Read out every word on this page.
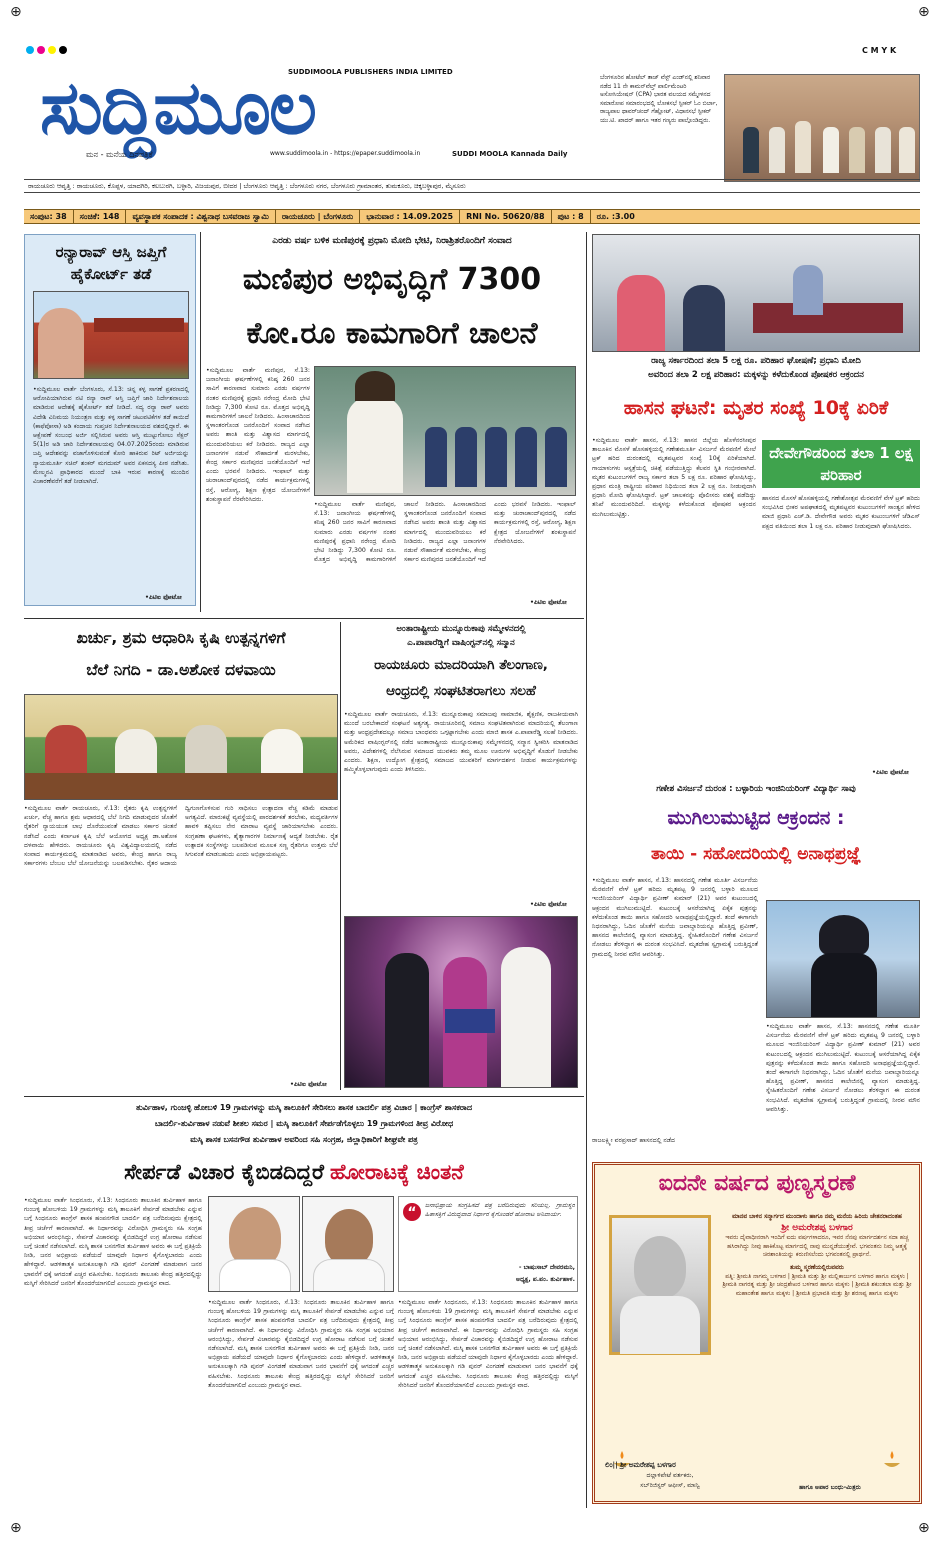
⊕	⊕
⊕	⊕
C M Y K
ಸುದ್ದಿಮೂಲ
SUDDIMOOLA PUBLISHERS INDIA LIMITED
ಮನ - ಮನೆಯ ದಿನಪತ್ರಿಕೆ	www.suddimoola.in - https://epaper.suddimoola.in	SUDDI MOOLA Kannada Daily
ಬೆಂಗಳೂರಿನ ಹೋಟೆಲ್ ತಾಜ್ ವೆಸ್ಟ್ ಎಂಡ್‌ನಲ್ಲಿ ಶನಿವಾರ ನಡೆದ 11 ನೇ ಕಾಮನ್‌ವೆಲ್ತ್ ಪಾರ್ಲಿಮೆಂಟರಿ ಅಸೋಸಿಯೇಷನ್ (CPA) ಭಾರತ ವಲಯದ ಸಮ್ಮೇಳನದ ಸಮಾರೋಪ ಸಮಾರಂಭದಲ್ಲಿ ಲೋಕಸಭೆ ಸ್ಪೀಕರ್ ಓಂ ಬಿರ್ಲಾ, ರಾಜ್ಯಪಾಲ ಥಾವರ್‌ಚಂದ್ ಗೆಹ್ಲೋಟ್, ವಿಧಾನಸಭೆ ಸ್ಪೀಕರ್ ಯು.ಟಿ. ಖಾದರ್ ಹಾಗೂ ಇತರ ಗಣ್ಯರು ಪಾಲ್ಗೊಂಡಿದ್ದರು.
ರಾಯಚೂರು ಆವೃತ್ತಿ : ರಾಯಚೂರು, ಕೊಪ್ಪಳ, ಯಾದಗಿರಿ, ಕಲಬುರಗಿ, ಬಳ್ಳಾರಿ, ವಿಜಯಪುರ, ಬೀದರ | ಬೆಂಗಳೂರು ಆವೃತ್ತಿ : ಬೆಂಗಳೂರು ನಗರ, ಬೆಂಗಳೂರು ಗ್ರಾಮಾಂತರ, ತುಮಕೂರು, ಚಿಕ್ಕಬಳ್ಳಾಪುರ, ಮೈಸೂರು
ಸಂಪುಟ: 38	ಸಂಚಿಕೆ: 148	ವ್ಯವಸ್ಥಾಪಕ ಸಂಪಾದಕ : ವಿಶ್ವನಾಥ ಬಸವರಾಜ ಸ್ವಾಮಿ	ರಾಯಚೂರು | ಬೆಂಗಳೂರು	ಭಾನುವಾರ : 14.09.2025	RNI No. 50620/88	ಪುಟ : 8	ರೂ. :3.00
ರನ್ಯಾರಾವ್ ಆಸ್ತಿ ಜಪ್ತಿಗೆ ಹೈಕೋರ್ಟ್ ತಡೆ
•ಸುದ್ದಿಮೂಲ ವಾರ್ತೆ ಬೆಂಗಳೂರು, ಸೆ.13: ಚಿನ್ನ ಕಳ್ಳ ಸಾಗಣೆ ಪ್ರಕರಣದಲ್ಲಿ ಆರೋಪಿಯಾಗಿರುವ ನಟಿ ರನ್ಯಾ ರಾವ್ ಆಸ್ತಿ ಜಪ್ತಿಗೆ ಜಾರಿ ನಿರ್ದೇಶನಾಲಯ ಮಾಡಿರುವ ಆದೇಶಕ್ಕೆ ಹೈಕೋರ್ಟ್ ತಡೆ ನೀಡಿದೆ. ಸದ್ಯ ರನ್ಯಾ ರಾವ್ ಅವರು ವಿದೇಶಿ ವಿನಿಮಯ ನಿಯಂತ್ರಣ ಮತ್ತು ಕಳ್ಳ ಸಾಗಣೆ ಚಟುವಟಿಕೆಗಳ ತಡೆ ಕಾಯಿದೆ (ಕಾಫೆಪೋಸಾ) ಅಡಿ ಕಂದಾಯ ಗುಪ್ತಚರ ನಿರ್ದೇಶನಾಲಯದ ವಶದಲ್ಲಿದ್ದಾರೆ. ಈ ಆಕ್ಷೇಪಣೆ ಸಂಬಂಧ ಅರ್ಜಿ ಸಲ್ಲಿಸಿರುವ ಅವರು ಆಸ್ತಿ ಮುಟ್ಟುಗೋಲು ಸೆಕ್ಷನ್ 5(1)ರ ಅಡಿ ಜಾರಿ ನಿರ್ದೇಶನಾಲಯವು 04.07.2025ರಂದು ಮಾಡಿರುವ ಜಪ್ತಿ ಆದೇಶವನ್ನು ವಜಾಗೊಳಿಸುವಂತೆ ಕೋರಿ ಹಾಕಿರುವ ರಿಟ್ ಅರ್ಜಿಯನ್ನು ನ್ಯಾಯಮೂರ್ತಿ ಸಚಿನ್ ಶಂಕರ್ ಮಗದುಮ್ ಅವರ ಏಕಸದಸ್ಯ ಪೀಠ ನಡೆಸಿತು. ಮೇಲ್ಮನವಿ ಪ್ರಾಧಿಕಾರದ ಮುಂದೆ ಬಾಕಿ ಇರುವ ಕಾರಣಕ್ಕೆ ಮುಂದಿನ ವಿಚಾರಣೆವರೆಗೆ ತಡೆ ನೀಡಲಾಗಿದೆ.
•ಪಿಟಿಐ ಫೋಟೋ
ಎರಡು ವರ್ಷ ಬಳಿಕ ಮಣಿಪುರಕ್ಕೆ ಪ್ರಧಾನಿ ಮೋದಿ ಭೇಟಿ, ನಿರಾಶ್ರಿತರೊಂದಿಗೆ ಸಂವಾದ
ಮಣಿಪುರ ಅಭಿವೃದ್ಧಿಗೆ 7300
ಕೋ.ರೂ ಕಾಮಗಾರಿಗೆ ಚಾಲನೆ
•ಸುದ್ದಿಮೂಲ ವಾರ್ತೆ ಮಣಿಪುರ, ಸೆ.13: ಜನಾಂಗೀಯ ಘರ್ಷಣೆಗಳಲ್ಲಿ ಕನಿಷ್ಠ 260 ಜನರ ಸಾವಿಗೆ ಕಾರಣವಾದ ಸುಮಾರು ಎರಡು ವರ್ಷಗಳ ನಂತರ ಮಣಿಪುರಕ್ಕೆ ಪ್ರಧಾನಿ ನರೇಂದ್ರ ಮೋದಿ ಭೇಟಿ ನೀಡಿದ್ದು 7,300 ಕೋಟಿ ರೂ. ಮೊತ್ತದ ಅಭಿವೃದ್ಧಿ ಕಾಮಗಾರಿಗಳಿಗೆ ಚಾಲನೆ ನೀಡಿದರು. ಹಿಂಸಾಚಾರದಿಂದ ಸ್ಥಳಾಂತರಗೊಂಡ ಜನರೊಂದಿಗೆ ಸಂವಾದ ನಡೆಸಿದ ಅವರು ಶಾಂತಿ ಮತ್ತು ವಿಶ್ವಾಸದ ಮಾರ್ಗದಲ್ಲಿ ಮುಂದುವರಿಯಲು ಕರೆ ನೀಡಿದರು. ರಾಜ್ಯದ ಎಲ್ಲಾ ಜನಾಂಗಗಳ ನಡುವೆ ಸೌಹಾರ್ದತೆ ಮರಳಬೇಕು, ಕೇಂದ್ರ ಸರ್ಕಾರ ಮಣಿಪುರದ ಜನತೆಯೊಂದಿಗೆ ಇದೆ ಎಂದು ಭರವಸೆ ನೀಡಿದರು. ಇಂಫಾಲ್ ಮತ್ತು ಚುರಾಚಾಂದ್‌ಪುರದಲ್ಲಿ ನಡೆದ ಕಾರ್ಯಕ್ರಮಗಳಲ್ಲಿ ರಸ್ತೆ, ಆರೋಗ್ಯ, ಶಿಕ್ಷಣ ಕ್ಷೇತ್ರದ ಯೋಜನೆಗಳಿಗೆ ಶಂಕುಸ್ಥಾಪನೆ ನೆರವೇರಿಸಿದರು.
•ಸುದ್ದಿಮೂಲ ವಾರ್ತೆ ಮಣಿಪುರ, ಸೆ.13: ಜನಾಂಗೀಯ ಘರ್ಷಣೆಗಳಲ್ಲಿ ಕನಿಷ್ಠ 260 ಜನರ ಸಾವಿಗೆ ಕಾರಣವಾದ ಸುಮಾರು ಎರಡು ವರ್ಷಗಳ ನಂತರ ಮಣಿಪುರಕ್ಕೆ ಪ್ರಧಾನಿ ನರೇಂದ್ರ ಮೋದಿ ಭೇಟಿ ನೀಡಿದ್ದು 7,300 ಕೋಟಿ ರೂ. ಮೊತ್ತದ ಅಭಿವೃದ್ಧಿ ಕಾಮಗಾರಿಗಳಿಗೆ ಚಾಲನೆ ನೀಡಿದರು. ಹಿಂಸಾಚಾರದಿಂದ ಸ್ಥಳಾಂತರಗೊಂಡ ಜನರೊಂದಿಗೆ ಸಂವಾದ ನಡೆಸಿದ ಅವರು ಶಾಂತಿ ಮತ್ತು ವಿಶ್ವಾಸದ ಮಾರ್ಗದಲ್ಲಿ ಮುಂದುವರಿಯಲು ಕರೆ ನೀಡಿದರು. ರಾಜ್ಯದ ಎಲ್ಲಾ ಜನಾಂಗಗಳ ನಡುವೆ ಸೌಹಾರ್ದತೆ ಮರಳಬೇಕು, ಕೇಂದ್ರ ಸರ್ಕಾರ ಮಣಿಪುರದ ಜನತೆಯೊಂದಿಗೆ ಇದೆ ಎಂದು ಭರವಸೆ ನೀಡಿದರು. ಇಂಫಾಲ್ ಮತ್ತು ಚುರಾಚಾಂದ್‌ಪುರದಲ್ಲಿ ನಡೆದ ಕಾರ್ಯಕ್ರಮಗಳಲ್ಲಿ ರಸ್ತೆ, ಆರೋಗ್ಯ, ಶಿಕ್ಷಣ ಕ್ಷೇತ್ರದ ಯೋಜನೆಗಳಿಗೆ ಶಂಕುಸ್ಥಾಪನೆ ನೆರವೇರಿಸಿದರು.
•ಪಿಟಿಐ ಫೋಟೋ
ರಾಜ್ಯ ಸರ್ಕಾರದಿಂದ ತಲಾ 5 ಲಕ್ಷ ರೂ. ಪರಿಹಾರ ಘೋಷಣೆ; ಪ್ರಧಾನಿ ಮೋದಿ
ಅವರಿಂದ ತಲಾ 2 ಲಕ್ಷ ಪರಿಹಾರ: ಮಕ್ಕಳನ್ನು ಕಳೆದುಕೊಂಡ ಪೋಷಕರ ಆಕ್ರಂದನ
ಹಾಸನ ಘಟನೆ: ಮೃತರ ಸಂಖ್ಯೆ 10ಕ್ಕೆ ಏರಿಕೆ
•ಸುದ್ದಿಮೂಲ ವಾರ್ತೆ ಹಾಸನ, ಸೆ.13: ಹಾಸನ ಜಿಲ್ಲೆಯ ಹೊಳೆನರಸೀಪುರ ತಾಲೂಕಿನ ಮೊಸಳೆ ಹೊಸಹಳ್ಳಿಯಲ್ಲಿ ಗಣೇಶಮೂರ್ತಿ ವಿಸರ್ಜನೆ ಮೆರವಣಿಗೆ ಮೇಲೆ ಟ್ರಕ್ ಹರಿದ ದುರಂತದಲ್ಲಿ ಮೃತಪಟ್ಟವರ ಸಂಖ್ಯೆ 10ಕ್ಕೆ ಏರಿಕೆಯಾಗಿದೆ. ಗಾಯಾಳುಗಳು ಆಸ್ಪತ್ರೆಯಲ್ಲಿ ಚಿಕಿತ್ಸೆ ಪಡೆಯುತ್ತಿದ್ದು ಕೆಲವರ ಸ್ಥಿತಿ ಗಂಭೀರವಾಗಿದೆ. ಮೃತರ ಕುಟುಂಬಗಳಿಗೆ ರಾಜ್ಯ ಸರ್ಕಾರ ತಲಾ 5 ಲಕ್ಷ ರೂ. ಪರಿಹಾರ ಘೋಷಿಸಿದ್ದು, ಪ್ರಧಾನ ಮಂತ್ರಿ ರಾಷ್ಟ್ರೀಯ ಪರಿಹಾರ ನಿಧಿಯಿಂದ ತಲಾ 2 ಲಕ್ಷ ರೂ. ನೀಡುವುದಾಗಿ ಪ್ರಧಾನಿ ಮೋದಿ ಘೋಷಿಸಿದ್ದಾರೆ. ಟ್ರಕ್ ಚಾಲಕನನ್ನು ಪೊಲೀಸರು ವಶಕ್ಕೆ ಪಡೆದಿದ್ದು ತನಿಖೆ ಮುಂದುವರಿದಿದೆ. ಮಕ್ಕಳನ್ನು ಕಳೆದುಕೊಂಡ ಪೋಷಕರ ಆಕ್ರಂದನ ಮುಗಿಲುಮುಟ್ಟಿತ್ತು.
ದೇವೇಗೌಡರಿಂದ ತಲಾ 1 ಲಕ್ಷ ಪರಿಹಾರ
ಹಾಸನದ ಮೊಸಳೆ ಹೊಸಹಳ್ಳಿಯಲ್ಲಿ ಗಣೇಶೋತ್ಸವ ಮೆರವಣಿಗೆ ವೇಳೆ ಟ್ರಕ್ ಹರಿದು ಸಂಭವಿಸಿದ ಭೀಕರ ಅಪಘಾತದಲ್ಲಿ ಮೃತಪಟ್ಟವರ ಕುಟುಂಬಗಳಿಗೆ ಸಾಂತ್ವನ ಹೇಳಿದ ಮಾಜಿ ಪ್ರಧಾನಿ ಎಚ್.ಡಿ. ದೇವೇಗೌಡ ಅವರು ಮೃತರ ಕುಟುಂಬಗಳಿಗೆ ಜೆಡಿಎಸ್ ಪಕ್ಷದ ವತಿಯಿಂದ ತಲಾ 1 ಲಕ್ಷ ರೂ. ಪರಿಹಾರ ನೀಡುವುದಾಗಿ ಘೋಷಿಸಿದರು.
•ಪಿಟಿಐ ಫೋಟೋ
ಖರ್ಚು, ಶ್ರಮ ಆಧಾರಿಸಿ ಕೃಷಿ ಉತ್ಪನ್ನಗಳಿಗೆ
ಬೆಲೆ ನಿಗದಿ - ಡಾ.ಅಶೋಕ ದಳವಾಯಿ
•ಸುದ್ದಿಮೂಲ ವಾರ್ತೆ ರಾಯಚೂರು, ಸೆ.13: ರೈತರು ಕೃಷಿ ಉತ್ಪನ್ನಗಳಿಗೆ ಖರ್ಚು, ವೆಚ್ಚ ಹಾಗೂ ಶ್ರಮ ಆಧಾರದಲ್ಲಿ ಬೆಲೆ ನಿಗದಿ ಮಾಡುವುದರ ಜೊತೆಗೆ ರೈತರಿಗೆ ನ್ಯಾಯಯುತ ಲಾಭ ದೊರೆಯುವಂತೆ ಮಾಡಲು ಸರ್ಕಾರ ಚಿಂತನೆ ನಡೆಸಿದೆ ಎಂದು ಕರ್ನಾಟಕ ಕೃಷಿ ಬೆಲೆ ಆಯೋಗದ ಅಧ್ಯಕ್ಷ ಡಾ.ಅಶೋಕ ದಳವಾಯಿ ಹೇಳಿದರು. ರಾಯಚೂರು ಕೃಷಿ ವಿಶ್ವವಿದ್ಯಾಲಯದಲ್ಲಿ ನಡೆದ ಸಂವಾದ ಕಾರ್ಯಕ್ರಮದಲ್ಲಿ ಮಾತನಾಡಿದ ಅವರು, ಕೇಂದ್ರ ಹಾಗೂ ರಾಜ್ಯ ಸರ್ಕಾರಗಳು ಬೆಂಬಲ ಬೆಲೆ ಯೋಜನೆಯನ್ನು ಬಲಪಡಿಸಬೇಕು. ರೈತರ ಆದಾಯ ದ್ವಿಗುಣಗೊಳಿಸುವ ಗುರಿ ಸಾಧಿಸಲು ಉತ್ಪಾದನಾ ವೆಚ್ಚ ಕಡಿಮೆ ಮಾಡುವ ಅಗತ್ಯವಿದೆ. ಮಾರುಕಟ್ಟೆ ವ್ಯವಸ್ಥೆಯಲ್ಲಿ ಪಾರದರ್ಶಕತೆ ತರಬೇಕು, ಮಧ್ಯವರ್ತಿಗಳ ಹಾವಳಿ ತಪ್ಪಿಸಲು ನೇರ ಮಾರಾಟ ವ್ಯವಸ್ಥೆ ಜಾರಿಯಾಗಬೇಕು ಎಂದರು. ಸಂಗ್ರಹಣಾ ಘಟಕಗಳು, ಶೈತ್ಯಾಗಾರಗಳ ನಿರ್ಮಾಣಕ್ಕೆ ಆದ್ಯತೆ ನೀಡಬೇಕು. ರೈತ ಉತ್ಪಾದಕ ಸಂಸ್ಥೆಗಳನ್ನು ಬಲಪಡಿಸುವ ಮೂಲಕ ಸಣ್ಣ ರೈತರಿಗೂ ಉತ್ತಮ ಬೆಲೆ ಸಿಗುವಂತೆ ಮಾಡಬಹುದು ಎಂದು ಅಭಿಪ್ರಾಯಪಟ್ಟರು.
•ಪಿಟಿಐ ಫೋಟೋ
ಅಂತಾರಾಷ್ಟ್ರೀಯ ಮುನ್ನೂರುಕಾಪು ಸಮ್ಮೇಳನದಲ್ಲಿ
ಎ.ಪಾಪಾರೆಡ್ಡಿಗೆ ವಾಷಿಂಗ್ಟನ್‌ನಲ್ಲಿ ಸನ್ಮಾನ
ರಾಯಚೂರು ಮಾದರಿಯಾಗಿ ತೆಲಂಗಾಣ,
ಆಂಧ್ರದಲ್ಲಿ ಸಂಘಟಿತರಾಗಲು ಸಲಹೆ
•ಸುದ್ದಿಮೂಲ ವಾರ್ತೆ ರಾಯಚೂರು, ಸೆ.13: ಮುನ್ನೂರುಕಾಪು ಸಮಾಜವು ಸಾಮಾಜಿಕ, ಶೈಕ್ಷಣಿಕ, ರಾಜಕೀಯವಾಗಿ ಮುಂದೆ ಬರಬೇಕಾದರೆ ಸಂಘಟನೆ ಅತ್ಯಗತ್ಯ. ರಾಯಚೂರಿನಲ್ಲಿ ಸಮಾಜ ಸಂಘಟಿತವಾಗಿರುವ ಮಾದರಿಯಲ್ಲಿ ತೆಲಂಗಾಣ ಮತ್ತು ಆಂಧ್ರಪ್ರದೇಶದಲ್ಲೂ ಸಮಾಜ ಬಾಂಧವರು ಒಗ್ಗಟ್ಟಾಗಬೇಕು ಎಂದು ಮಾಜಿ ಶಾಸಕ ಎ.ಪಾಪಾರೆಡ್ಡಿ ಸಲಹೆ ನೀಡಿದರು. ಅಮೆರಿಕದ ವಾಷಿಂಗ್ಟನ್‌ನಲ್ಲಿ ನಡೆದ ಅಂತಾರಾಷ್ಟ್ರೀಯ ಮುನ್ನೂರುಕಾಪು ಸಮ್ಮೇಳನದಲ್ಲಿ ಸನ್ಮಾನ ಸ್ವೀಕರಿಸಿ ಮಾತನಾಡಿದ ಅವರು, ವಿದೇಶಗಳಲ್ಲಿ ನೆಲೆಸಿರುವ ಸಮಾಜದ ಯುವಕರು ತಮ್ಮ ಮೂಲ ಊರುಗಳ ಅಭಿವೃದ್ಧಿಗೆ ಕೊಡುಗೆ ನೀಡಬೇಕು ಎಂದರು. ಶಿಕ್ಷಣ, ಉದ್ಯೋಗ ಕ್ಷೇತ್ರದಲ್ಲಿ ಸಮಾಜದ ಯುವಕರಿಗೆ ಮಾರ್ಗದರ್ಶನ ನೀಡುವ ಕಾರ್ಯಕ್ರಮಗಳನ್ನು ಹಮ್ಮಿಕೊಳ್ಳಲಾಗುವುದು ಎಂದು ತಿಳಿಸಿದರು.
•ಪಿಟಿಐ ಫೋಟೋ
ಗಣೇಶ ವಿಸರ್ಜನೆ ದುರಂತ : ಬಳ್ಳಾರಿಯ ಇಂಜಿನಿಯರಿಂಗ್ ವಿದ್ಯಾರ್ಥಿ ಸಾವು
ಮುಗಿಲುಮುಟ್ಟಿದ ಆಕ್ರಂದನ :
ತಾಯಿ - ಸಹೋದರಿಯಲ್ಲಿ ಅನಾಥಪ್ರಜ್ಞೆ
•ಸುದ್ದಿಮೂಲ ವಾರ್ತೆ ಹಾಸನ, ಸೆ.13: ಹಾಸನದಲ್ಲಿ ಗಣೇಶ ಮೂರ್ತಿ ವಿಸರ್ಜನೆಯ ಮೆರವಣಿಗೆ ವೇಳೆ ಟ್ರಕ್ ಹರಿದು ಮೃತಪಟ್ಟ 9 ಜನರಲ್ಲಿ ಬಳ್ಳಾರಿ ಮೂಲದ ಇಂಜಿನಿಯರಿಂಗ್ ವಿದ್ಯಾರ್ಥಿ ಪ್ರವೀಣ್ ಕುಮಾರ್ (21) ಅವರ ಕುಟುಂಬದಲ್ಲಿ ಆಕ್ರಂದನ ಮುಗಿಲುಮುಟ್ಟಿದೆ. ಕುಟುಂಬಕ್ಕೆ ಆಸರೆಯಾಗಿದ್ದ ಏಕೈಕ ಪುತ್ರನನ್ನು ಕಳೆದುಕೊಂಡ ತಾಯಿ ಹಾಗೂ ಸಹೋದರಿ ಅನಾಥಪ್ರಜ್ಞೆಯಲ್ಲಿದ್ದಾರೆ. ತಂದೆ ಈಗಾಗಲೇ ನಿಧನರಾಗಿದ್ದು, ಓದಿನ ಜೊತೆಗೆ ಮನೆಯ ಜವಾಬ್ದಾರಿಯನ್ನೂ ಹೊತ್ತಿದ್ದ ಪ್ರವೀಣ್, ಹಾಸನದ ಕಾಲೇಜಿನಲ್ಲಿ ವ್ಯಾಸಂಗ ಮಾಡುತ್ತಿದ್ದ. ಸ್ನೇಹಿತರೊಂದಿಗೆ ಗಣೇಶ ವಿಸರ್ಜನೆ ನೋಡಲು ತೆರಳಿದ್ದಾಗ ಈ ದುರಂತ ಸಂಭವಿಸಿದೆ. ಮೃತದೇಹ ಸ್ವಗ್ರಾಮಕ್ಕೆ ಬರುತ್ತಿದ್ದಂತೆ ಗ್ರಾಮದಲ್ಲಿ ನೀರವ ಮೌನ ಆವರಿಸಿತ್ತು.
•ಸುದ್ದಿಮೂಲ ವಾರ್ತೆ ಹಾಸನ, ಸೆ.13: ಹಾಸನದಲ್ಲಿ ಗಣೇಶ ಮೂರ್ತಿ ವಿಸರ್ಜನೆಯ ಮೆರವಣಿಗೆ ವೇಳೆ ಟ್ರಕ್ ಹರಿದು ಮೃತಪಟ್ಟ 9 ಜನರಲ್ಲಿ ಬಳ್ಳಾರಿ ಮೂಲದ ಇಂಜಿನಿಯರಿಂಗ್ ವಿದ್ಯಾರ್ಥಿ ಪ್ರವೀಣ್ ಕುಮಾರ್ (21) ಅವರ ಕುಟುಂಬದಲ್ಲಿ ಆಕ್ರಂದನ ಮುಗಿಲುಮುಟ್ಟಿದೆ. ಕುಟುಂಬಕ್ಕೆ ಆಸರೆಯಾಗಿದ್ದ ಏಕೈಕ ಪುತ್ರನನ್ನು ಕಳೆದುಕೊಂಡ ತಾಯಿ ಹಾಗೂ ಸಹೋದರಿ ಅನಾಥಪ್ರಜ್ಞೆಯಲ್ಲಿದ್ದಾರೆ. ತಂದೆ ಈಗಾಗಲೇ ನಿಧನರಾಗಿದ್ದು, ಓದಿನ ಜೊತೆಗೆ ಮನೆಯ ಜವಾಬ್ದಾರಿಯನ್ನೂ ಹೊತ್ತಿದ್ದ ಪ್ರವೀಣ್, ಹಾಸನದ ಕಾಲೇಜಿನಲ್ಲಿ ವ್ಯಾಸಂಗ ಮಾಡುತ್ತಿದ್ದ. ಸ್ನೇಹಿತರೊಂದಿಗೆ ಗಣೇಶ ವಿಸರ್ಜನೆ ನೋಡಲು ತೆರಳಿದ್ದಾಗ ಈ ದುರಂತ ಸಂಭವಿಸಿದೆ. ಮೃತದೇಹ ಸ್ವಗ್ರಾಮಕ್ಕೆ ಬರುತ್ತಿದ್ದಂತೆ ಗ್ರಾಮದಲ್ಲಿ ನೀರವ ಮೌನ ಆವರಿಸಿತ್ತು.
ರಾಜಲಕ್ಷ್ಮೀ ವರಪ್ರಸಾದ್ ಹಾಸನದಲ್ಲಿ ನಡೆದ
ತುರ್ವಿಹಾಳ, ಗುಂಜಳ್ಳಿ ಹೋಬಳಿ 19 ಗ್ರಾಮಗಳನ್ನು ಮಸ್ಕಿ ತಾಲೂಕಿಗೆ ಸೇರಿಸಲು ಶಾಸಕ ಬಾದರ್ಲಿ ಪತ್ರ ವಿಚಾರ | ಕಾಂಗ್ರೆಸ್ ಶಾಸಕರಾದ
ಬಾದರ್ಲಿ-ತುರ್ವಿಹಾಳ ನಡುವೆ ಶೀತಲ ಸಮರ | ಮಸ್ಕಿ ತಾಲೂಕಿಗೆ ಸೇರ್ಪಡೆಗೊಳ್ಳಲು 19 ಗ್ರಾಮಗಳಿಂದ ತೀವ್ರ ವಿರೋಧ
ಮಸ್ಕಿ ಶಾಸಕ ಬಸನಗೌಡ ತುರ್ವಿಹಾಳ ಅವರಿಂದ ಸಹಿ ಸಂಗ್ರಹ, ಜಿಲ್ಲಾಧಿಕಾರಿಗೆ ಶೀಘ್ರವೇ ಪತ್ರ
ಸೇರ್ಪಡೆ ವಿಚಾರ ಕೈಬಿಡದಿದ್ದರೆ ಹೋರಾಟಕ್ಕೆ ಚಿಂತನೆ
•ಸುದ್ದಿಮೂಲ ವಾರ್ತೆ ಸಿಂಧನೂರು, ಸೆ.13: ಸಿಂಧನೂರು ತಾಲೂಕಿನ ತುರ್ವಿಹಾಳ ಹಾಗೂ ಗುಂಜಳ್ಳಿ ಹೋಬಳಿಯ 19 ಗ್ರಾಮಗಳನ್ನು ಮಸ್ಕಿ ತಾಲೂಕಿಗೆ ಸೇರ್ಪಡೆ ಮಾಡಬೇಕು ಎನ್ನುವ ಬಗ್ಗೆ ಸಿಂಧನೂರು ಕಾಂಗ್ರೆಸ್ ಶಾಸಕ ಹಂಪನಗೌಡ ಬಾದರ್ಲಿ ಪತ್ರ ಬರೆದಿರುವುದು ಕ್ಷೇತ್ರದಲ್ಲಿ ತೀವ್ರ ಚರ್ಚೆಗೆ ಕಾರಣವಾಗಿದೆ. ಈ ನಿರ್ಧಾರವನ್ನು ವಿರೋಧಿಸಿ ಗ್ರಾಮಸ್ಥರು ಸಹಿ ಸಂಗ್ರಹ ಅಭಿಯಾನ ಆರಂಭಿಸಿದ್ದು, ಸೇರ್ಪಡೆ ವಿಚಾರವನ್ನು ಕೈಬಿಡದಿದ್ದರೆ ಉಗ್ರ ಹೋರಾಟ ನಡೆಸುವ ಬಗ್ಗೆ ಚಿಂತನೆ ನಡೆಸಲಾಗಿದೆ. ಮಸ್ಕಿ ಶಾಸಕ ಬಸನಗೌಡ ತುರ್ವಿಹಾಳ ಅವರು ಈ ಬಗ್ಗೆ ಪ್ರತಿಕ್ರಿಯೆ ನೀಡಿ, ಜನರ ಅಭಿಪ್ರಾಯ ಪಡೆಯದೆ ಯಾವುದೇ ನಿರ್ಧಾರ ಕೈಗೊಳ್ಳಬಾರದು ಎಂದು ಹೇಳಿದ್ದಾರೆ. ಆಡಳಿತಾತ್ಮಕ ಅನುಕೂಲಕ್ಕಾಗಿ ಗಡಿ ಪುನರ್ ವಿಂಗಡಣೆ ಮಾಡುವಾಗ ಜನರ ಭಾವನೆಗೆ ಧಕ್ಕೆ ಆಗದಂತೆ ಎಚ್ಚರ ವಹಿಸಬೇಕು. ಸಿಂಧನೂರು ತಾಲೂಕು ಕೇಂದ್ರ ಹತ್ತಿರದಲ್ಲಿದ್ದು ಮಸ್ಕಿಗೆ ಸೇರಿಸಿದರೆ ಜನರಿಗೆ ತೊಂದರೆಯಾಗಲಿದೆ ಎಂಬುದು ಗ್ರಾಮಸ್ಥರ ವಾದ.
“	ಜನಾಭಿಪ್ರಾಯ ಸಂಗ್ರಹಿಸದೆ ಪತ್ರ ಬರೆದಿರುವುದು ಸರಿಯಲ್ಲ. ಗ್ರಾಮಸ್ಥರ ಹಿತಾಸಕ್ತಿಗೆ ವಿರುದ್ಧವಾದ ನಿರ್ಧಾರ ಕೈಗೊಂಡರೆ ಹೋರಾಟ ಅನಿವಾರ್ಯ.
- ಬಾಷುಸಾಬ್ ದೇವರಮನಿ,
ಅಧ್ಯಕ್ಷ, ಪ.ಪಂ. ತುರ್ವಿಹಾಳ.
•ಸುದ್ದಿಮೂಲ ವಾರ್ತೆ ಸಿಂಧನೂರು, ಸೆ.13: ಸಿಂಧನೂರು ತಾಲೂಕಿನ ತುರ್ವಿಹಾಳ ಹಾಗೂ ಗುಂಜಳ್ಳಿ ಹೋಬಳಿಯ 19 ಗ್ರಾಮಗಳನ್ನು ಮಸ್ಕಿ ತಾಲೂಕಿಗೆ ಸೇರ್ಪಡೆ ಮಾಡಬೇಕು ಎನ್ನುವ ಬಗ್ಗೆ ಸಿಂಧನೂರು ಕಾಂಗ್ರೆಸ್ ಶಾಸಕ ಹಂಪನಗೌಡ ಬಾದರ್ಲಿ ಪತ್ರ ಬರೆದಿರುವುದು ಕ್ಷೇತ್ರದಲ್ಲಿ ತೀವ್ರ ಚರ್ಚೆಗೆ ಕಾರಣವಾಗಿದೆ. ಈ ನಿರ್ಧಾರವನ್ನು ವಿರೋಧಿಸಿ ಗ್ರಾಮಸ್ಥರು ಸಹಿ ಸಂಗ್ರಹ ಅಭಿಯಾನ ಆರಂಭಿಸಿದ್ದು, ಸೇರ್ಪಡೆ ವಿಚಾರವನ್ನು ಕೈಬಿಡದಿದ್ದರೆ ಉಗ್ರ ಹೋರಾಟ ನಡೆಸುವ ಬಗ್ಗೆ ಚಿಂತನೆ ನಡೆಸಲಾಗಿದೆ. ಮಸ್ಕಿ ಶಾಸಕ ಬಸನಗೌಡ ತುರ್ವಿಹಾಳ ಅವರು ಈ ಬಗ್ಗೆ ಪ್ರತಿಕ್ರಿಯೆ ನೀಡಿ, ಜನರ ಅಭಿಪ್ರಾಯ ಪಡೆಯದೆ ಯಾವುದೇ ನಿರ್ಧಾರ ಕೈಗೊಳ್ಳಬಾರದು ಎಂದು ಹೇಳಿದ್ದಾರೆ. ಆಡಳಿತಾತ್ಮಕ ಅನುಕೂಲಕ್ಕಾಗಿ ಗಡಿ ಪುನರ್ ವಿಂಗಡಣೆ ಮಾಡುವಾಗ ಜನರ ಭಾವನೆಗೆ ಧಕ್ಕೆ ಆಗದಂತೆ ಎಚ್ಚರ ವಹಿಸಬೇಕು. ಸಿಂಧನೂರು ತಾಲೂಕು ಕೇಂದ್ರ ಹತ್ತಿರದಲ್ಲಿದ್ದು ಮಸ್ಕಿಗೆ ಸೇರಿಸಿದರೆ ಜನರಿಗೆ ತೊಂದರೆಯಾಗಲಿದೆ ಎಂಬುದು ಗ್ರಾಮಸ್ಥರ ವಾದ.
•ಸುದ್ದಿಮೂಲ ವಾರ್ತೆ ಸಿಂಧನೂರು, ಸೆ.13: ಸಿಂಧನೂರು ತಾಲೂಕಿನ ತುರ್ವಿಹಾಳ ಹಾಗೂ ಗುಂಜಳ್ಳಿ ಹೋಬಳಿಯ 19 ಗ್ರಾಮಗಳನ್ನು ಮಸ್ಕಿ ತಾಲೂಕಿಗೆ ಸೇರ್ಪಡೆ ಮಾಡಬೇಕು ಎನ್ನುವ ಬಗ್ಗೆ ಸಿಂಧನೂರು ಕಾಂಗ್ರೆಸ್ ಶಾಸಕ ಹಂಪನಗೌಡ ಬಾದರ್ಲಿ ಪತ್ರ ಬರೆದಿರುವುದು ಕ್ಷೇತ್ರದಲ್ಲಿ ತೀವ್ರ ಚರ್ಚೆಗೆ ಕಾರಣವಾಗಿದೆ. ಈ ನಿರ್ಧಾರವನ್ನು ವಿರೋಧಿಸಿ ಗ್ರಾಮಸ್ಥರು ಸಹಿ ಸಂಗ್ರಹ ಅಭಿಯಾನ ಆರಂಭಿಸಿದ್ದು, ಸೇರ್ಪಡೆ ವಿಚಾರವನ್ನು ಕೈಬಿಡದಿದ್ದರೆ ಉಗ್ರ ಹೋರಾಟ ನಡೆಸುವ ಬಗ್ಗೆ ಚಿಂತನೆ ನಡೆಸಲಾಗಿದೆ. ಮಸ್ಕಿ ಶಾಸಕ ಬಸನಗೌಡ ತುರ್ವಿಹಾಳ ಅವರು ಈ ಬಗ್ಗೆ ಪ್ರತಿಕ್ರಿಯೆ ನೀಡಿ, ಜನರ ಅಭಿಪ್ರಾಯ ಪಡೆಯದೆ ಯಾವುದೇ ನಿರ್ಧಾರ ಕೈಗೊಳ್ಳಬಾರದು ಎಂದು ಹೇಳಿದ್ದಾರೆ. ಆಡಳಿತಾತ್ಮಕ ಅನುಕೂಲಕ್ಕಾಗಿ ಗಡಿ ಪುನರ್ ವಿಂಗಡಣೆ ಮಾಡುವಾಗ ಜನರ ಭಾವನೆಗೆ ಧಕ್ಕೆ ಆಗದಂತೆ ಎಚ್ಚರ ವಹಿಸಬೇಕು. ಸಿಂಧನೂರು ತಾಲೂಕು ಕೇಂದ್ರ ಹತ್ತಿರದಲ್ಲಿದ್ದು ಮಸ್ಕಿಗೆ ಸೇರಿಸಿದರೆ ಜನರಿಗೆ ತೊಂದರೆಯಾಗಲಿದೆ ಎಂಬುದು ಗ್ರಾಮಸ್ಥರ ವಾದ.
ಐದನೇ ವರ್ಷದ ಪುಣ್ಯಸ್ಮರಣೆ
ಮಾನವ ಬಾಳಿನ ಸನ್ಮಾರ್ಗದ ಮುಂದಾಳು ಹಾಗೂ ನಮ್ಮ ಮನೆಯ ಹಿರಿಯ ಚೇತನರಾದಂತಹ
ಶ್ರೀ ಅಮರೇಶಪ್ಪ ಬಳಗಾರ
ಇವರು ದೈವಾಧೀನರಾಗಿ ಇಂದಿಗೆ ಐದು ವರ್ಷಗಳಾದರೂ, ಇವರ ನೆನಪು ಮಾರ್ಗದರ್ಶನ ಸದಾ ಹಚ್ಚ ಹಸಿರಾಗಿದ್ದು ನೀವು ಹಾಕಿಕೊಟ್ಟ ಮಾರ್ಗದಲ್ಲಿ ನಾವು ಮುನ್ನಡೆಯುತ್ತೇವೆ. ಭಗವಂತನು ನಿಮ್ಮ ಆತ್ಮಕ್ಕೆ ಚಿರಶಾಂತಿಯನ್ನು ಕರುಣಿಸಲೆಂದು ಭಗವಂತನಲ್ಲಿ ಪ್ರಾರ್ಥನೆ.
ತುಮ್ಮ ಸ್ಮರಣೆಯಲ್ಲಿರುವವರು
ಪತ್ನಿ: ಶ್ರೀಮತಿ ನಾಗಮ್ಮ ಬಳಗಾರ | ಶ್ರೀಮತಿ ಮತ್ತು ಶ್ರೀ ಮಲ್ಲಿಕಾರ್ಜುನ ಬಳಗಾರ ಹಾಗೂ ಮಕ್ಕಳು | ಶ್ರೀಮತಿ ನಾಗರತ್ನ ಮತ್ತು ಶ್ರೀ ಚಂದ್ರಶೇಖರ ಬಳಗಾರ ಹಾಗೂ ಮಕ್ಕಳು | ಶ್ರೀಮತಿ ಶಕುಂತಲಾ ಮತ್ತು ಶ್ರೀ ಮಹಾಂತೇಶ ಹಾಗೂ ಮಕ್ಕಳು | ಶ್ರೀಮತಿ ಪ್ರಭಾವತಿ ಮತ್ತು ಶ್ರೀ ಶರಣಪ್ಪ ಹಾಗೂ ಮಕ್ಕಳು
ಲಿಂ|| ಶ್ರೀ ಅಮರೇಶಪ್ಪ ಬಳಗಾರ
ದಲ್ಲಾಳಿಪೇಟೆ ವರ್ತಕರು,
ಸಬ್‌ರಿಜಿಸ್ಟರ್ ಆಫೀಸ್, ಮಾನ್ವಿ	ಹಾಗೂ ಅಪಾರ ಬಂಧು-ಮಿತ್ರರು
